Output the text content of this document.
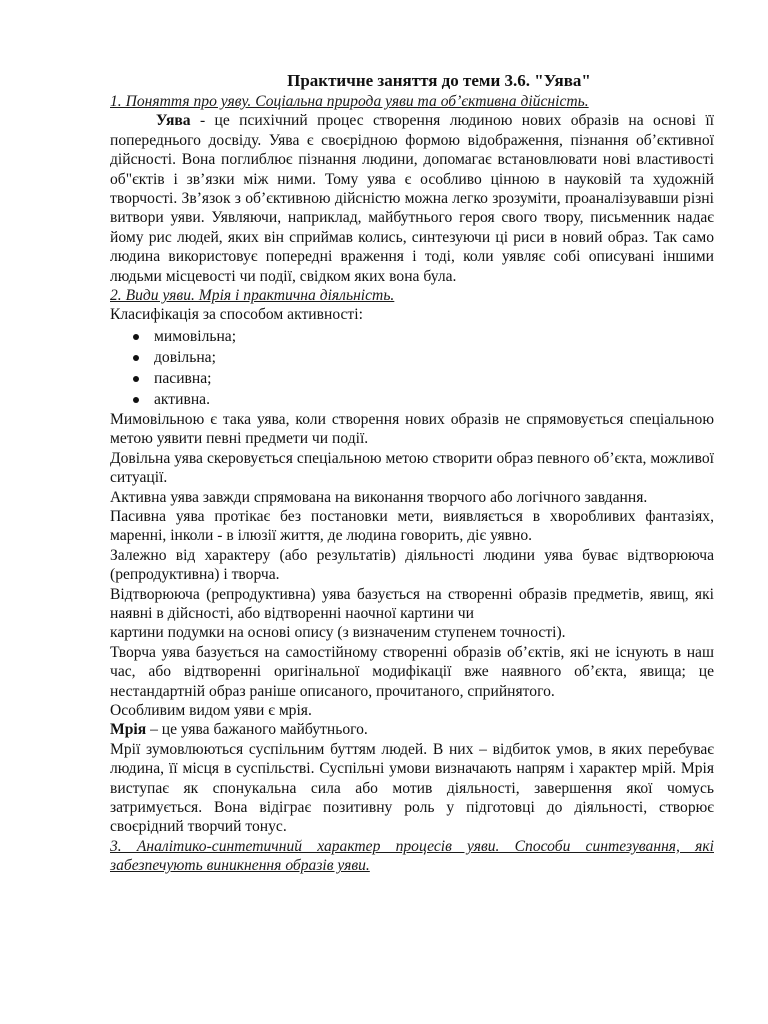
Практичне заняття до теми 3.6. "Уява"

1. Поняття про уяву. Соціальна природа уяви та об’єктивна дійсність.

Уява - це психічний процес створення людиною нових образів на основі її попереднього досвіду. Уява є своєрідною формою відображення, пізнання об’єктивної дійсності. Вона поглиблює пізнання людини, допомагає встановлювати нові властивості об"єктів і зв’язки між ними. Тому уява є особливо цінною в науковій та художній творчості. Зв’язок з об’єктивною дійсністю можна легко зрозуміти, проаналізувавши різні витвори уяви. Уявляючи, наприклад, майбутнього героя свого твору, письменник надає йому рис людей, яких він сприймав колись, синтезуючи ці риси в новий образ. Так само людина використовує попередні враження і тоді, коли уявляє собі описувані іншими людьми місцевості чи події, свідком яких вона була.

2. Види уяви. Мрія і практична діяльність.

Класифікація за способом активності:

мимовільна;
довільна;
пасивна;
активна.

Мимовільною є така уява, коли створення нових образів не спрямовується спеціальною метою уявити певні предмети чи події.

Довільна уява скеровується спеціальною метою створити образ певного об’єкта, можливої ситуації.

Активна уява завжди спрямована на виконання творчого або логічного завдання.

Пасивна уява протікає без постановки мети, виявляється в хворобливих фантазіях, маренні, інколи - в ілюзії життя, де людина говорить, діє уявно.

Залежно від характеру (або результатів) діяльності людини уява буває відтворююча (репродуктивна) і творча.

Відтворююча (репродуктивна) уява базується на створенні образів предметів, явищ, які наявні в дійсності, або відтворенні наочної картини чи

картини подумки на основі опису (з визначеним ступенем точності).

Творча уява базується на самостійному створенні образів об’єктів, які не існують в наш час, або відтворенні оригінальної модифікації вже наявного об’єкта, явища; це нестандартній образ раніше описаного, прочитаного, сприйнятого.

Особливим видом уяви є мрія.

Мрія – це уява бажаного майбутнього.

Мрії зумовлюються суспільним буттям людей. В них – відбиток умов, в яких перебуває людина, її місця в суспільстві. Суспільні умови визначають напрям і характер мрій. Мрія виступає як спонукальна сила або мотив діяльності, завершення якої чомусь затримується. Вона відіграє позитивну роль у підготовці до діяльності, створює своєрідний творчий тонус.

3. Аналітико-синтетичний характер процесів уяви. Способи синтезування, які забезпечують виникнення образів уяви.
